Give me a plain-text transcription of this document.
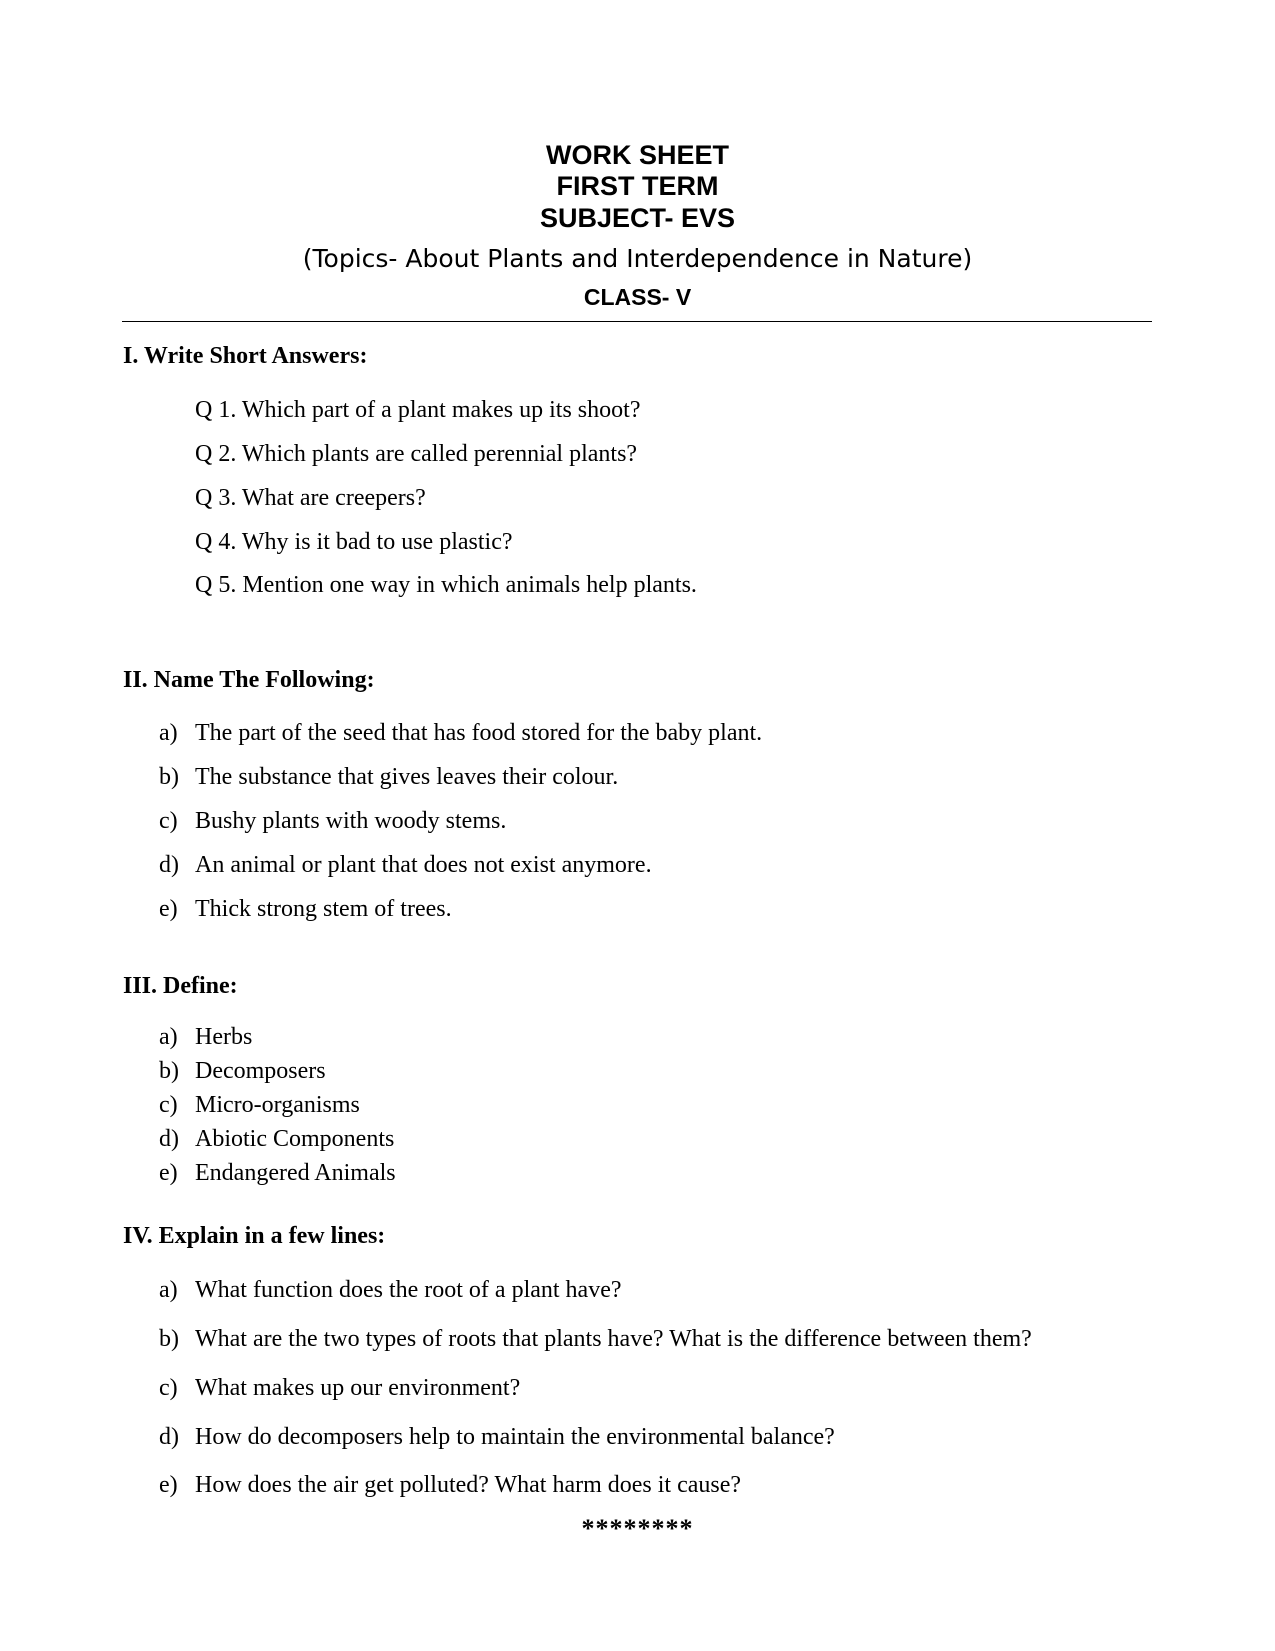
WORK SHEET
FIRST TERM
SUBJECT- EVS
(Topics- About Plants and Interdependence in Nature)
CLASS- V
I. Write Short Answers:
Q 1. Which part of a plant makes up its shoot?
Q 2. Which plants are called perennial plants?
Q 3. What are creepers?
Q 4. Why is it bad to use plastic?
Q 5. Mention one way in which animals help plants.
II. Name The Following:
a) The part of the seed that has food stored for the baby plant.
b) The substance that gives leaves their colour.
c) Bushy plants with woody stems.
d) An animal or plant that does not exist anymore.
e) Thick strong stem of trees.
III. Define:
a) Herbs
b) Decomposers
c) Micro-organisms
d) Abiotic Components
e) Endangered Animals
IV. Explain in a few lines:
a) What function does the root of a plant have?
b) What are the two types of roots that plants have? What is the difference between them?
c) What makes up our environment?
d) How do decomposers help to maintain the environmental balance?
e) How does the air get polluted? What harm does it cause?
********
